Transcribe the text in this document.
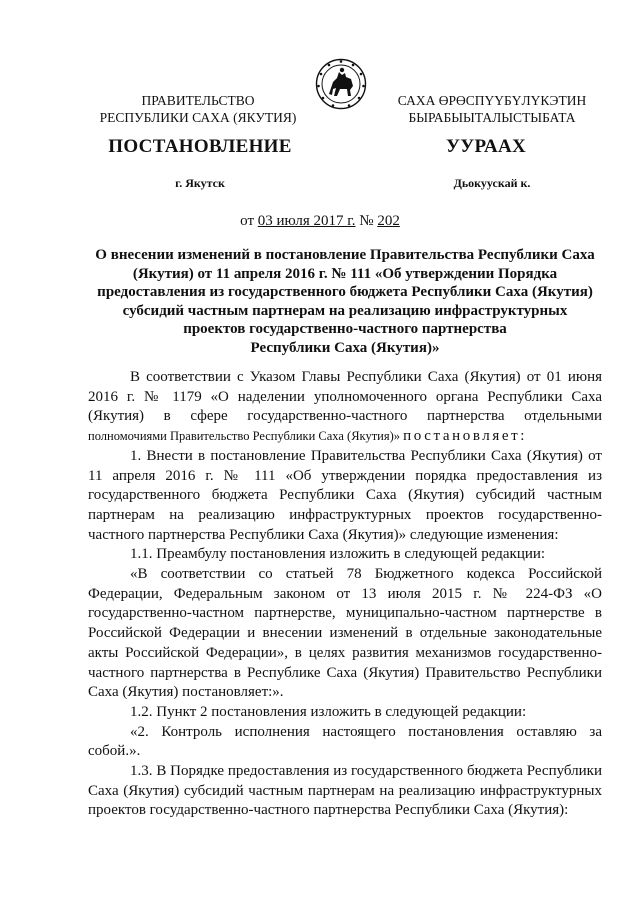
ПРАВИТЕЛЬСТВО
РЕСПУБЛИКИ САХА (ЯКУТИЯ)
САХА ӨРӨСПҮҮБҮЛҮКЭТИН
БЫРАБЫЫТАЛЫСТЫБАТА
ПОСТАНОВЛЕНИЕ	УУРААХ
г. Якутск	Дьокуускай к.
от 03 июля 2017 г. № 202
О внесении изменений в постановление Правительства Республики Саха
(Якутия) от 11 апреля 2016 г. № 111 «Об утверждении Порядка
предоставления из государственного бюджета Республики Саха (Якутия)
субсидий частным партнерам на реализацию инфраструктурных
проектов государственно-частного партнерства
Республики Саха (Якутия)»

В соответствии с Указом Главы Республики Саха (Якутия) от 01 июня 2016 г. № 1179 «О наделении уполномоченного органа Республики Саха (Якутия) в сфере государственно-частного партнерства отдельными полномочиями Правительство Республики Саха (Якутия)» постановляет:

1. Внести в постановление Правительства Республики Саха (Якутия) от 11 апреля 2016 г. № 111 «Об утверждении порядка предоставления из государственного бюджета Республики Саха (Якутия) субсидий частным партнерам на реализацию инфраструктурных проектов государственно-частного партнерства Республики Саха (Якутия)» следующие изменения:

1.1. Преамбулу постановления изложить в следующей редакции:

«В соответствии со статьей 78 Бюджетного кодекса Российской Федерации, Федеральным законом от 13 июля 2015 г. № 224-ФЗ «О государственно-частном партнерстве, муниципально-частном партнерстве в Российской Федерации и внесении изменений в отдельные законодательные акты Российской Федерации», в целях развития механизмов государственно-частного партнерства в Республике Саха (Якутия) Правительство Республики Саха (Якутия) постановляет:».

1.2. Пункт 2 постановления изложить в следующей редакции:

«2. Контроль исполнения настоящего постановления оставляю за собой.».

1.3. В Порядке предоставления из государственного бюджета Республики Саха (Якутия) субсидий частным партнерам на реализацию инфраструктурных проектов государственно-частного партнерства Республики Саха (Якутия):
